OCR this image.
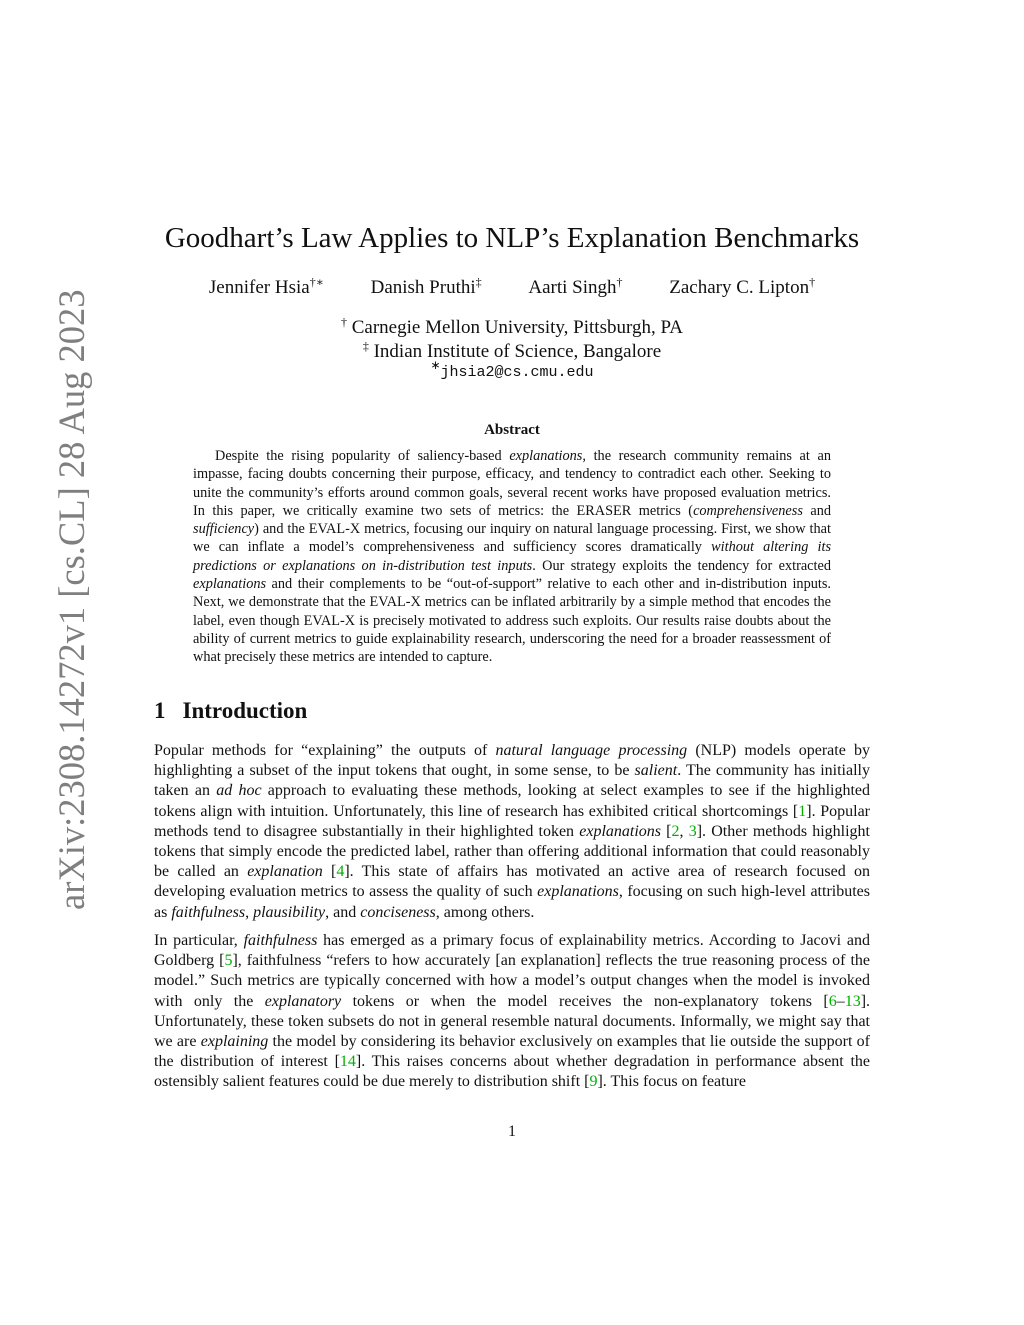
arXiv:2308.14272v1 [cs.CL] 28 Aug 2023
Goodhart’s Law Applies to NLP’s Explanation Benchmarks
Jennifer Hsia†∗ Danish Pruthi‡ Aarti Singh† Zachary C. Lipton†
† Carnegie Mellon University, Pittsburgh, PA
‡ Indian Institute of Science, Bangalore
∗jhsia2@cs.cmu.edu
Abstract

Despite the rising popularity of saliency-based explanations, the research community remains at an impasse, facing doubts concerning their purpose, efficacy, and tendency to contradict each other. Seeking to unite the community’s efforts around common goals, several recent works have proposed evaluation metrics. In this paper, we critically examine two sets of metrics: the ERASER metrics (comprehensiveness and sufficiency) and the EVAL-X metrics, focusing our inquiry on natural language processing. First, we show that we can inflate a model’s comprehensiveness and sufficiency scores dramatically without altering its predictions or explanations on in-distribution test inputs. Our strategy exploits the tendency for extracted explanations and their complements to be “out-of-support” relative to each other and in-distribution inputs. Next, we demonstrate that the EVAL-X metrics can be inflated arbitrarily by a simple method that encodes the label, even though EVAL-X is precisely motivated to address such exploits. Our results raise doubts about the ability of current metrics to guide explainability research, underscoring the need for a broader reassessment of what precisely these metrics are intended to capture.

1 Introduction

Popular methods for “explaining” the outputs of natural language processing (NLP) models operate by highlighting a subset of the input tokens that ought, in some sense, to be salient. The community has initially taken an ad hoc approach to evaluating these methods, looking at select examples to see if the highlighted tokens align with intuition. Unfortunately, this line of research has exhibited critical shortcomings [1]. Popular methods tend to disagree substantially in their highlighted token explanations [2, 3]. Other methods highlight tokens that simply encode the predicted label, rather than offering additional information that could reasonably be called an explanation [4]. This state of affairs has motivated an active area of research focused on developing evaluation metrics to assess the quality of such explanations, focusing on such high-level attributes as faithfulness, plausibility, and conciseness, among others.

In particular, faithfulness has emerged as a primary focus of explainability metrics. According to Jacovi and Goldberg [5], faithfulness “refers to how accurately [an explanation] reflects the true reasoning process of the model.” Such metrics are typically concerned with how a model’s output changes when the model is invoked with only the explanatory tokens or when the model receives the non-explanatory tokens [6–13]. Unfortunately, these token subsets do not in general resemble natural documents. Informally, we might say that we are explaining the model by considering its behavior exclusively on examples that lie outside the support of the distribution of interest [14]. This raises concerns about whether degradation in performance absent the ostensibly salient features could be due merely to distribution shift [9]. This focus on feature

1
